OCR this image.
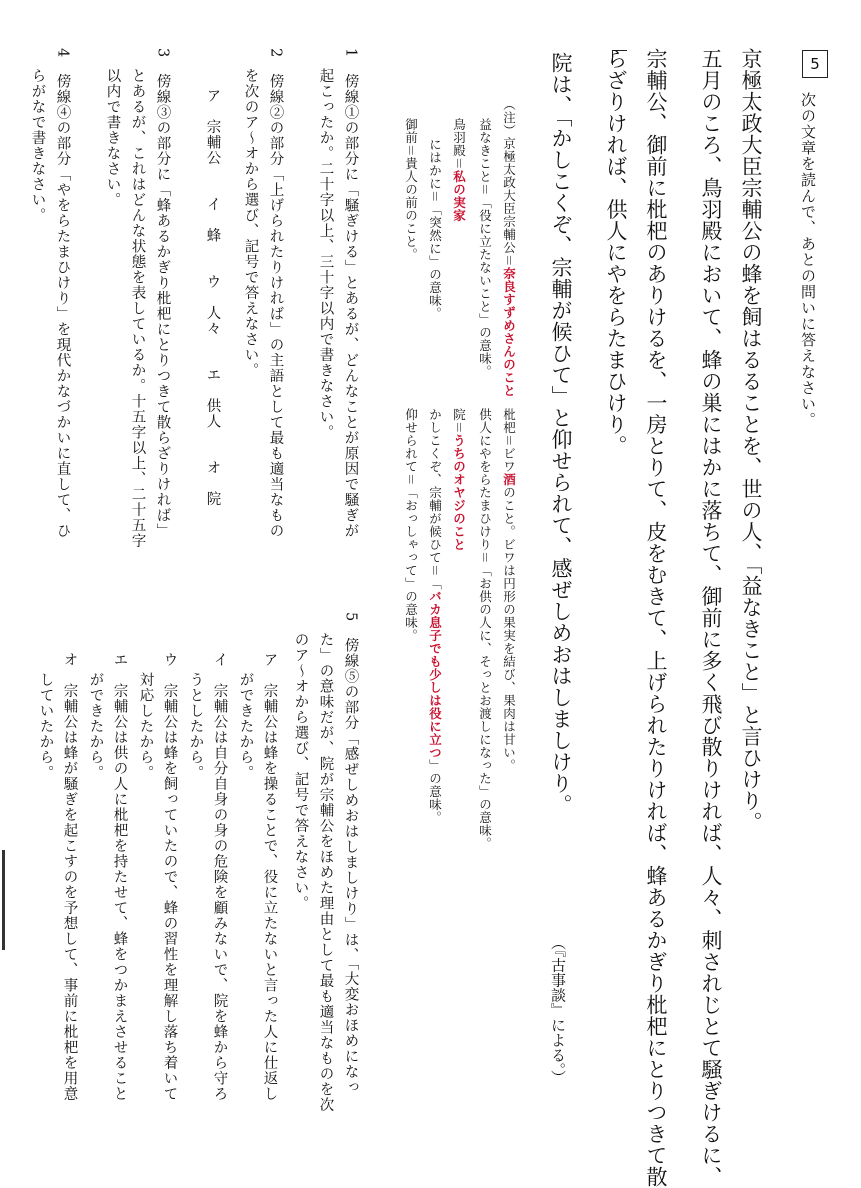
5
次の文章を読んで、あとの問いに答えなさい。
京極太政大臣宗輔公の蜂を飼はるることを、世の人、「益なきこと」と言ひけり。
五月のころ、鳥羽殿において、蜂の巣にはかに落ちて、御前に多く飛び散りければ、人々、刺されじとて騒ぎけるに、
宗輔公、御前に枇杷のありけるを、一房とりて、皮をむきて、上げられたりければ、蜂あるかぎり枇杷にとりつきて散
らざりければ、供人にやをらたまひけり。
院は、「かしこくぞ、宗輔が候ひて」と仰せられて、感ぜしめおはしましけり。
（『古事談』による。）
（注）京極太政大臣宗輔公＝奈良すずめさんのこと
益なきこと＝「役に立たないこと」の意味。
鳥羽殿＝私の実家
にはかに＝「突然に」の意味。
御前＝貴人の前のこと。
枇杷＝ビワ酒のこと。ビワは円形の果実を結び、果肉は甘い。
供人にやをらたまひけり＝「お供の人に、そっとお渡しになった」の意味。
院＝うちのオヤジのこと
かしこくぞ、宗輔が候ひて＝「バカ息子でも少しは役に立つ」の意味。
仰せられて＝「おっしゃって」の意味。
1　傍線①の部分に「騒ぎける」とあるが、どんなことが原因で騒ぎが
起こったか。二十字以上、三十字以内で書きなさい。
2　傍線②の部分「上げられたりければ」の主語として最も適当なもの
を次のア～オから選び、記号で答えなさい。
ア　宗輔公　　イ　蜂　　ウ　人々　　エ　供人　　オ　院
3　傍線③の部分に「蜂あるかぎり枇杷にとりつきて散らざりければ」
とあるが、これはどんな状態を表しているか。十五字以上、二十五字
以内で書きなさい。
4　傍線④の部分「やをらたまひけり」を現代かなづかいに直して、ひ
らがなで書きなさい。
5　傍線⑤の部分「感ぜしめおはしましけり」は、「大変おほめになっ
た」の意味だが、院が宗輔公をほめた理由として最も適当なものを次
のア～オから選び、記号で答えなさい。
ア　宗輔公は蜂を操ることで、役に立たないと言った人に仕返し
ができたから。
イ　宗輔公は自分自身の身の危険を顧みないで、院を蜂から守ろ
うとしたから。
ウ　宗輔公は蜂を飼っていたので、蜂の習性を理解し落ち着いて
対応したから。
エ　宗輔公は供の人に枇杷を持たせて、蜂をつかまえさせること
ができたから。
オ　宗輔公は蜂が騒ぎを起こすのを予想して、事前に枇杷を用意
していたから。
